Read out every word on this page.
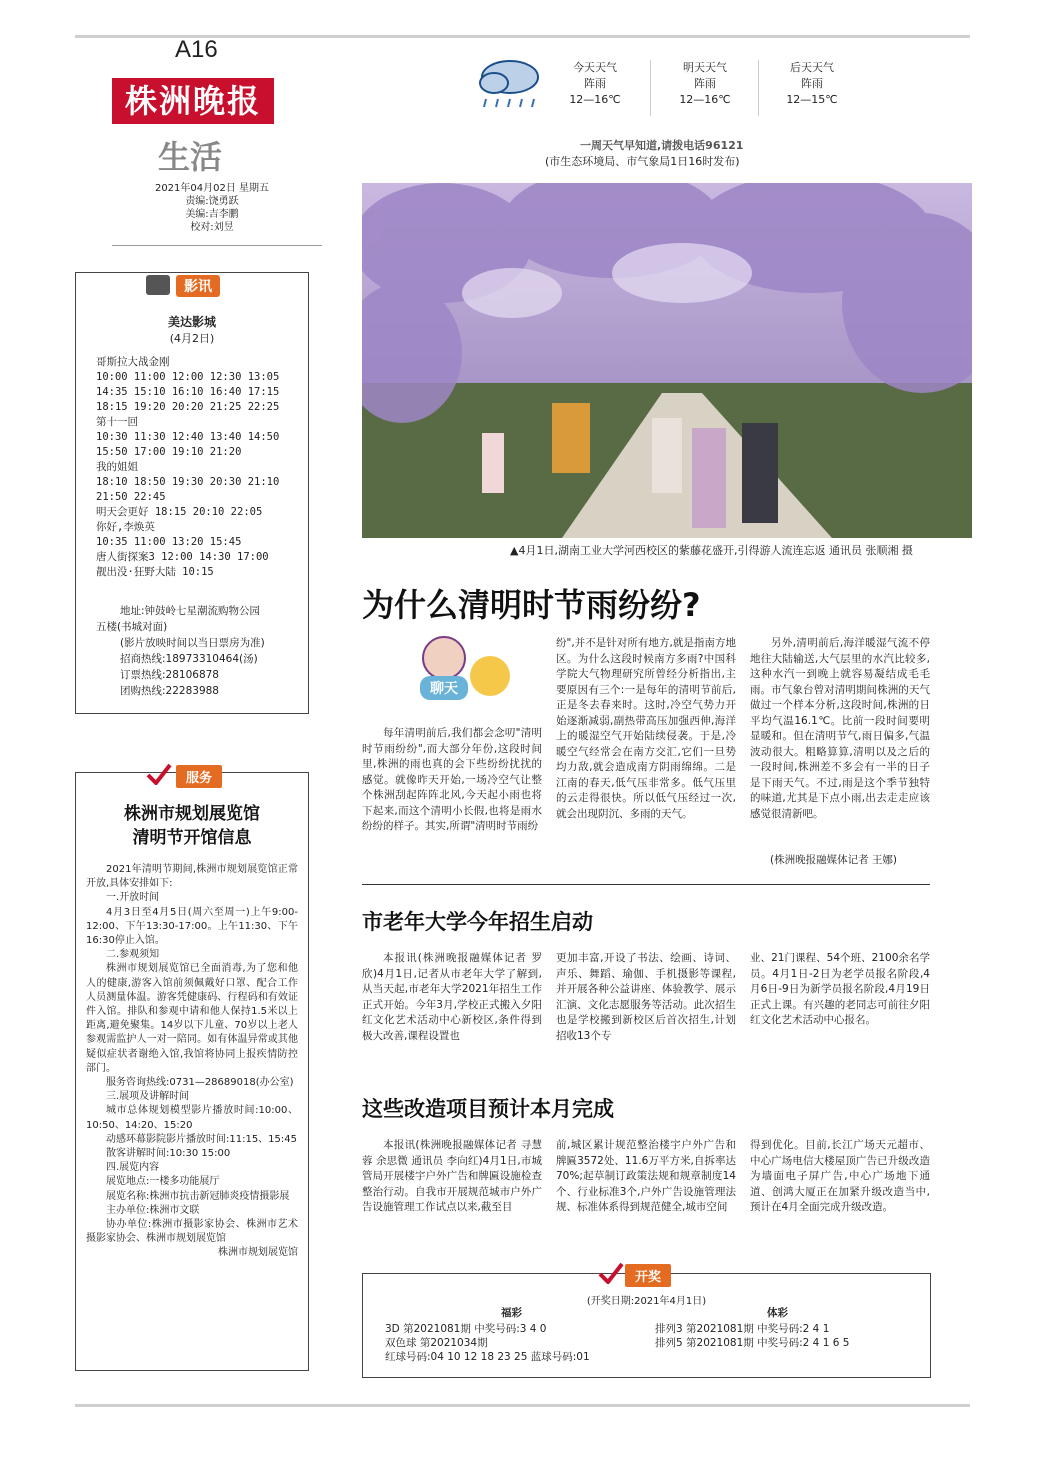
A16
株洲晚报
生活
2021年04月02日 星期五
责编:饶勇跃
美编:吉李鹏
校对:刘昱
今天天气
阵雨
12—16℃
明天天气
阵雨
12—16℃
后天天气
阵雨
12—15℃
一周天气早知道,请拨电话96121
(市生态环境局、市气象局1日16时发布)
▲4月1日,湖南工业大学河西校区的紫藤花盛开,引得游人流连忘返 通讯员 张顺湘 摄
影讯
美达影城
(4月2日)
哥斯拉大战金刚
10:00 11:00 12:00 12:30 13:05
14:35 15:10 16:10 16:40 17:15
18:15 19:20 20:20 21:25 22:25
第十一回
10:30 11:30 12:40 13:40 14:50
15:50 17:00 19:10 21:20
我的姐姐
18:10 18:50 19:30 20:30 21:10
21:50 22:45
明天会更好 18:15 20:10 22:05
你好,李焕英
10:35 11:00 13:20 15:45
唐人街探案3 12:00 14:30 17:00
靓出没·狂野大陆 10:15
地址:钟鼓岭七星潮流购物公园
五楼(书城对面)
(影片放映时间以当日票房为准)
招商热线:18973310464(汤)
订票热线:28106878
团购热线:22283988
服务
株洲市规划展览馆
清明节开馆信息
2021年清明节期间,株洲市规划展览馆正常开放,具体安排如下:
一.开放时间
4月3日至4月5日(周六至周一)上午9:00-12:00、下午13:30-17:00。上午11:30、下午16:30停止入馆。
二.参观须知
株洲市规划展览馆已全面消毒,为了您和他人的健康,游客入馆前须佩戴好口罩、配合工作人员测量体温。游客凭健康码、行程码和有效证件入馆。排队和参观中请和他人保持1.5米以上距离,避免聚集。14岁以下儿童、70岁以上老人参观需监护人一对一陪同。如有体温异常或其他疑似症状者谢绝入馆,我馆将协同上报疾情防控部门。
服务咨询热线:0731—28689018(办公室)
三.展项及讲解时间
城市总体规划模型影片播放时间:10:00、10:50、14:20、15:20
动感环幕影院影片播放时间:11:15、15:45
散客讲解时间:10:30 15:00
四.展览内容
展览地点:一楼多功能展厅
展览名称:株洲市抗击新冠肺炎疫情摄影展
主办单位:株洲市文联
协办单位:株洲市摄影家协会、株洲市艺术摄影家协会、株洲市规划展览馆
株洲市规划展览馆
为什么清明时节雨纷纷?
聊天
每年清明前后,我们都会念叨"清明时节雨纷纷",而大部分年份,这段时间里,株洲的雨也真的会下些纷纷扰扰的感觉。就像昨天开始,一场冷空气让整个株洲刮起阵阵北风,今天起小雨也将下起来,而这个清明小长假,也将是雨水纷纷的样子。其实,所谓"清明时节雨纷
纷",并不是针对所有地方,就是指南方地区。为什么这段时候南方多雨?中国科学院大气物理研究所曾经分析指出,主要原因有三个:一是每年的清明节前后,正是冬去春来时。这时,冷空气势力开始逐渐减弱,副热带高压加强西伸,海洋上的暖湿空气开始陆续侵袭。于是,冷暖空气经常会在南方交汇,它们一旦势均力敌,就会造成南方阴雨绵绵。二是江南的春天,低气压非常多。低气压里的云走得很快。所以低气压经过一次,就会出现阴沉、多雨的天气。
另外,清明前后,海洋暖湿气流不停地往大陆输送,大气层里的水汽比较多,这种水汽一到晚上就容易凝结成毛毛雨。市气象台曾对清明期间株洲的天气做过一个样本分析,这段时间,株洲的日平均气温16.1℃。比前一段时间要明显暖和。但在清明节气,雨日偏多,气温波动很大。粗略算算,清明以及之后的一段时间,株洲差不多会有一半的日子是下雨天气。不过,雨是这个季节独特的味道,尤其是下点小雨,出去走走应该感觉很清新吧。
(株洲晚报融媒体记者 王娜)
市老年大学今年招生启动
本报讯(株洲晚报融媒体记者 罗欣)4月1日,记者从市老年大学了解到,从当天起,市老年大学2021年招生工作正式开始。今年3月,学校正式搬入夕阳红文化艺术活动中心新校区,条件得到极大改善,课程设置也
更加丰富,开设了书法、绘画、诗词、声乐、舞蹈、瑜伽、手机摄影等课程,并开展各种公益讲座、体验教学、展示汇演、文化志愿服务等活动。此次招生也是学校搬到新校区后首次招生,计划招收13个专
业、21门课程、54个班、2100余名学员。4月1日-2日为老学员报名阶段,4月6日-9日为新学员报名阶段,4月19日正式上课。有兴趣的老同志可前往夕阳红文化艺术活动中心报名。
这些改造项目预计本月完成
本报讯(株洲晚报融媒体记者 寻慧蓉 余思微 通讯员 李向红)4月1日,市城管局开展楼宇户外广告和牌匾设施检查整治行动。自我市开展规范城市户外广告设施管理工作试点以来,截至目
前,城区累计规范整治楼宇户外广告和牌匾3572处、11.6万平方米,自拆率达70%;起草制订政策法规和规章制度14个、行业标准3个,户外广告设施管理法规、标准体系得到规范健全,城市空间
得到优化。目前,长江广场天元超市、中心广场电信大楼屋顶广告已升级改造为墙面电子屏广告,中心广场地下通道、创鸿大厦正在加紧升级改造当中,预计在4月全面完成升级改造。
开奖
(开奖日期:2021年4月1日)
福彩	体彩
3D 第2021081期 中奖号码:3 4 0
双色球 第2021034期
红球号码:04 10 12 18 23 25 蓝球号码:01
排列3 第2021081期 中奖号码:2 4 1
排列5 第2021081期 中奖号码:2 4 1 6 5
